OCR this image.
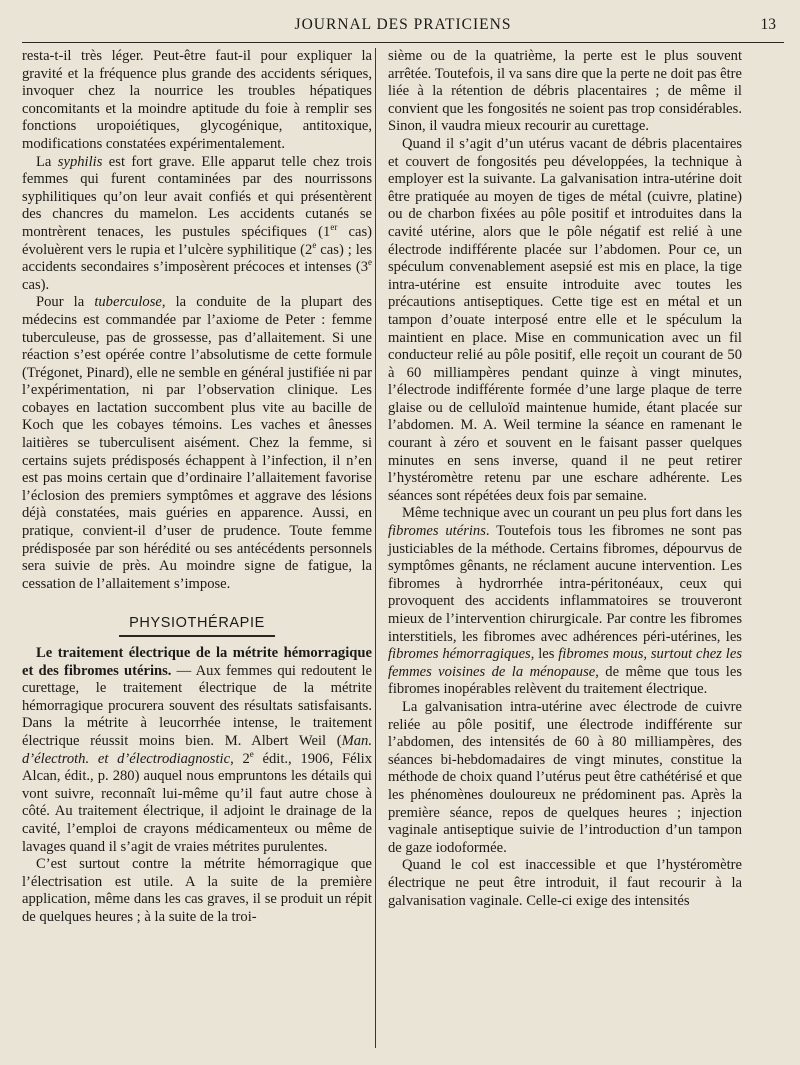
JOURNAL DES PRATICIENS	13

resta-t-il très léger. Peut-être faut-il pour expliquer la gravité et la fréquence plus grande des accidents sériques, invoquer chez la nourrice les troubles hépatiques concomitants et la moindre aptitude du foie à remplir ses fonctions uropoiétiques, glycogénique, antitoxique, modifications constatées expérimentalement.

La syphilis est fort grave. Elle apparut telle chez trois femmes qui furent contaminées par des nourrissons syphilitiques qu’on leur avait confiés et qui présentèrent des chancres du mamelon. Les accidents cutanés se montrèrent tenaces, les pustules spécifiques (1er cas) évoluèrent vers le rupia et l’ulcère syphilitique (2e cas) ; les accidents secondaires s’imposèrent précoces et intenses (3e cas).

Pour la tuberculose, la conduite de la plupart des médecins est commandée par l’axiome de Peter : femme tuberculeuse, pas de grossesse, pas d’allaitement. Si une réaction s’est opérée contre l’absolutisme de cette formule (Trégonet, Pinard), elle ne semble en général justifiée ni par l’expérimentation, ni par l’observation clinique. Les cobayes en lactation succombent plus vite au bacille de Koch que les cobayes témoins. Les vaches et ânesses laitières se tuberculisent aisément. Chez la femme, si certains sujets prédisposés échappent à l’infection, il n’en est pas moins certain que d’ordinaire l’allaitement favorise l’éclosion des premiers symptômes et aggrave des lésions déjà constatées, mais guéries en apparence. Aussi, en pratique, convient-il d’user de prudence. Toute femme prédisposée par son hérédité ou ses antécédents personnels sera suivie de près. Au moindre signe de fatigue, la cessation de l’allaitement s’impose.

PHYSIOTHÉRAPIE

Le traitement électrique de la métrite hémorragique et des fibromes utérins. — Aux femmes qui redoutent le curettage, le traitement électrique de la métrite hémorragique procurera souvent des résultats satisfaisants. Dans la métrite à leucorrhée intense, le traitement électrique réussit moins bien. M. Albert Weil (Man. d’électroth. et d’électrodiagnostic, 2e édit., 1906, Félix Alcan, édit., p. 280) auquel nous empruntons les détails qui vont suivre, reconnaît lui-même qu’il faut autre chose à côté. Au traitement électrique, il adjoint le drainage de la cavité, l’emploi de crayons médicamenteux ou même de lavages quand il s’agit de vraies métrites purulentes.

C’est surtout contre la métrite hémorragique que l’électrisation est utile. A la suite de la première application, même dans les cas graves, il se produit un répit de quelques heures ; à la suite de la troi-

sième ou de la quatrième, la perte est le plus souvent arrêtée. Toutefois, il va sans dire que la perte ne doit pas être liée à la rétention de débris placentaires ; de même il convient que les fongosités ne soient pas trop considérables. Sinon, il vaudra mieux recourir au curettage.

Quand il s’agit d’un utérus vacant de débris placentaires et couvert de fongosités peu développées, la technique à employer est la suivante. La galvanisation intra-utérine doit être pratiquée au moyen de tiges de métal (cuivre, platine) ou de charbon fixées au pôle positif et introduites dans la cavité utérine, alors que le pôle négatif est relié à une électrode indifférente placée sur l’abdomen. Pour ce, un spéculum convenablement asepsié est mis en place, la tige intra-utérine est ensuite introduite avec toutes les précautions antiseptiques. Cette tige est en métal et un tampon d’ouate interposé entre elle et le spéculum la maintient en place. Mise en communication avec un fil conducteur relié au pôle positif, elle reçoit un courant de 50 à 60 milliampères pendant quinze à vingt minutes, l’électrode indifférente formée d’une large plaque de terre glaise ou de celluloïd maintenue humide, étant placée sur l’abdomen. M. A. Weil termine la séance en ramenant le courant à zéro et souvent en le faisant passer quelques minutes en sens inverse, quand il ne peut retirer l’hystéromètre retenu par une eschare adhérente. Les séances sont répétées deux fois par semaine.

Même technique avec un courant un peu plus fort dans les fibromes utérins. Toutefois tous les fibromes ne sont pas justiciables de la méthode. Certains fibromes, dépourvus de symptômes gênants, ne réclament aucune intervention. Les fibromes à hydrorrhée intra-péritonéaux, ceux qui provoquent des accidents inflammatoires se trouveront mieux de l’intervention chirurgicale. Par contre les fibromes interstitiels, les fibromes avec adhérences péri-utérines, les fibromes hémorragiques, les fibromes mous, surtout chez les femmes voisines de la ménopause, de même que tous les fibromes inopérables relèvent du traitement électrique.

La galvanisation intra-utérine avec électrode de cuivre reliée au pôle positif, une électrode indifférente sur l’abdomen, des intensités de 60 à 80 milliampères, des séances bi-hebdomadaires de vingt minutes, constitue la méthode de choix quand l’utérus peut être cathétérisé et que les phénomènes douloureux ne prédominent pas. Après la première séance, repos de quelques heures ; injection vaginale antiseptique suivie de l’introduction d’un tampon de gaze iodoformée.

Quand le col est inaccessible et que l’hystéromètre électrique ne peut être introduit, il faut recourir à la galvanisation vaginale. Celle-ci exige des intensités
